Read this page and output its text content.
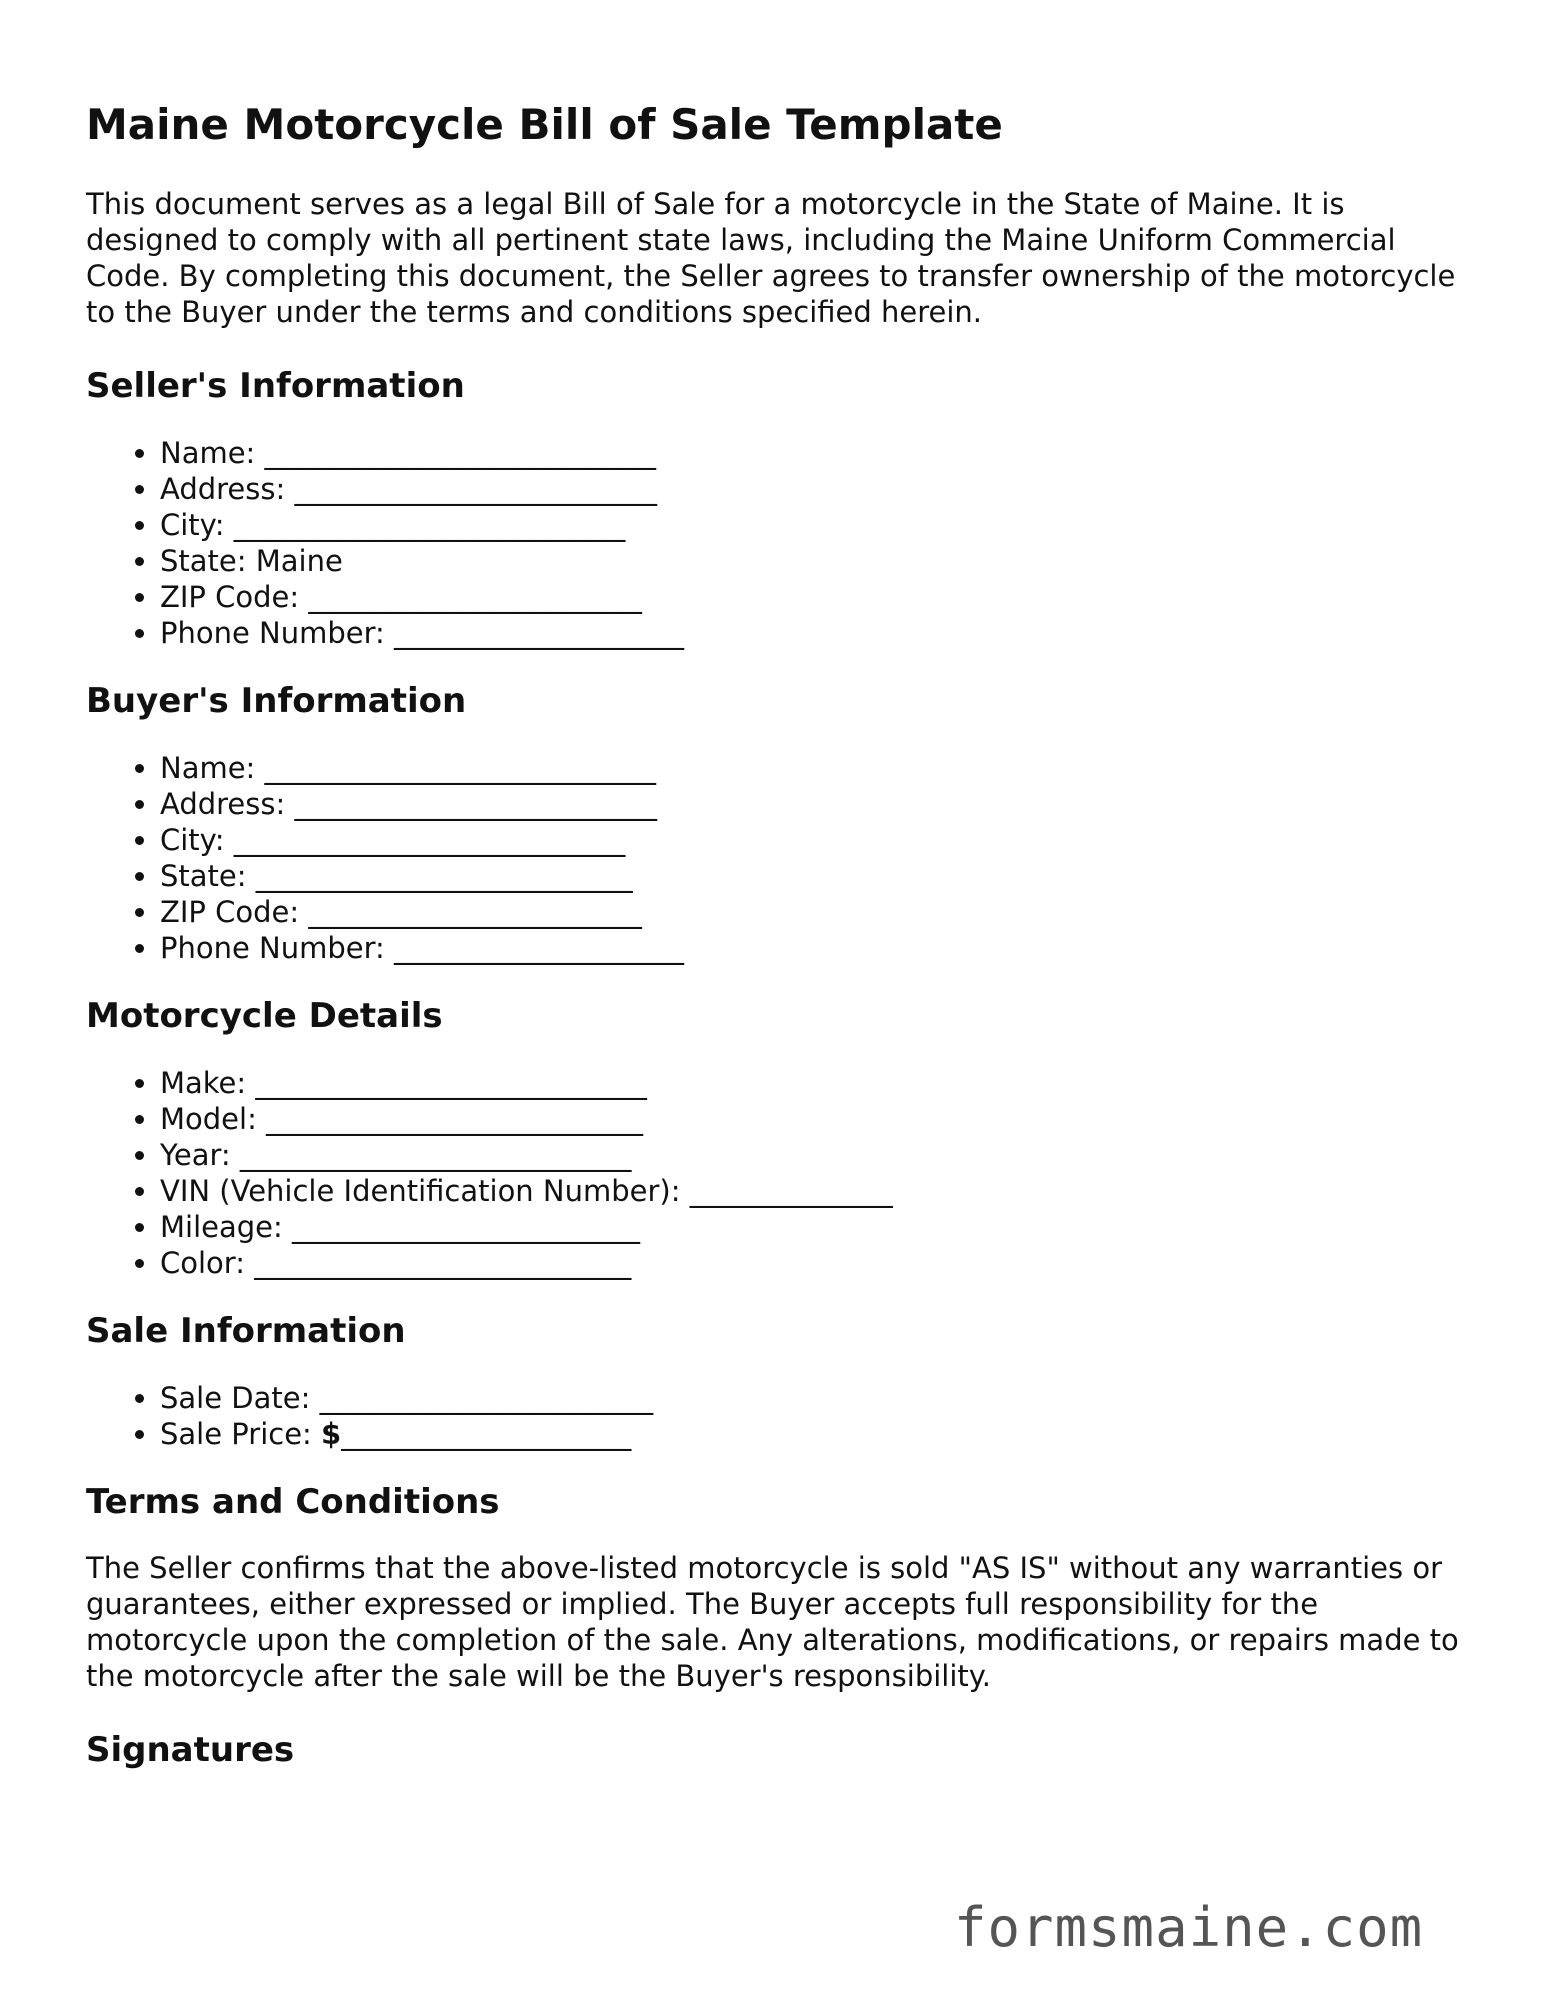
Maine Motorcycle Bill of Sale Template

This document serves as a legal Bill of Sale for a motorcycle in the State of Maine. It is designed to comply with all pertinent state laws, including the Maine Uniform Commercial Code. By completing this document, the Seller agrees to transfer ownership of the motorcycle to the Buyer under the terms and conditions specified herein.

Seller's Information
• Name: ___________________________
• Address: _________________________
• City: ___________________________
• State: Maine
• ZIP Code: _______________________
• Phone Number: ____________________
Buyer's Information
• Name: ___________________________
• Address: _________________________
• City: ___________________________
• State: __________________________
• ZIP Code: _______________________
• Phone Number: ____________________
Motorcycle Details
• Make: ___________________________
• Model: __________________________
• Year: ___________________________
• VIN (Vehicle Identification Number): ______________
• Mileage: ________________________
• Color: __________________________
Sale Information
• Sale Date: _______________________
• Sale Price: $____________________
Terms and Conditions

The Seller confirms that the above-listed motorcycle is sold "AS IS" without any warranties or guarantees, either expressed or implied. The Buyer accepts full responsibility for the motorcycle upon the completion of the sale. Any alterations, modifications, or repairs made to the motorcycle after the sale will be the Buyer's responsibility.

Signatures
formsmaine.com
